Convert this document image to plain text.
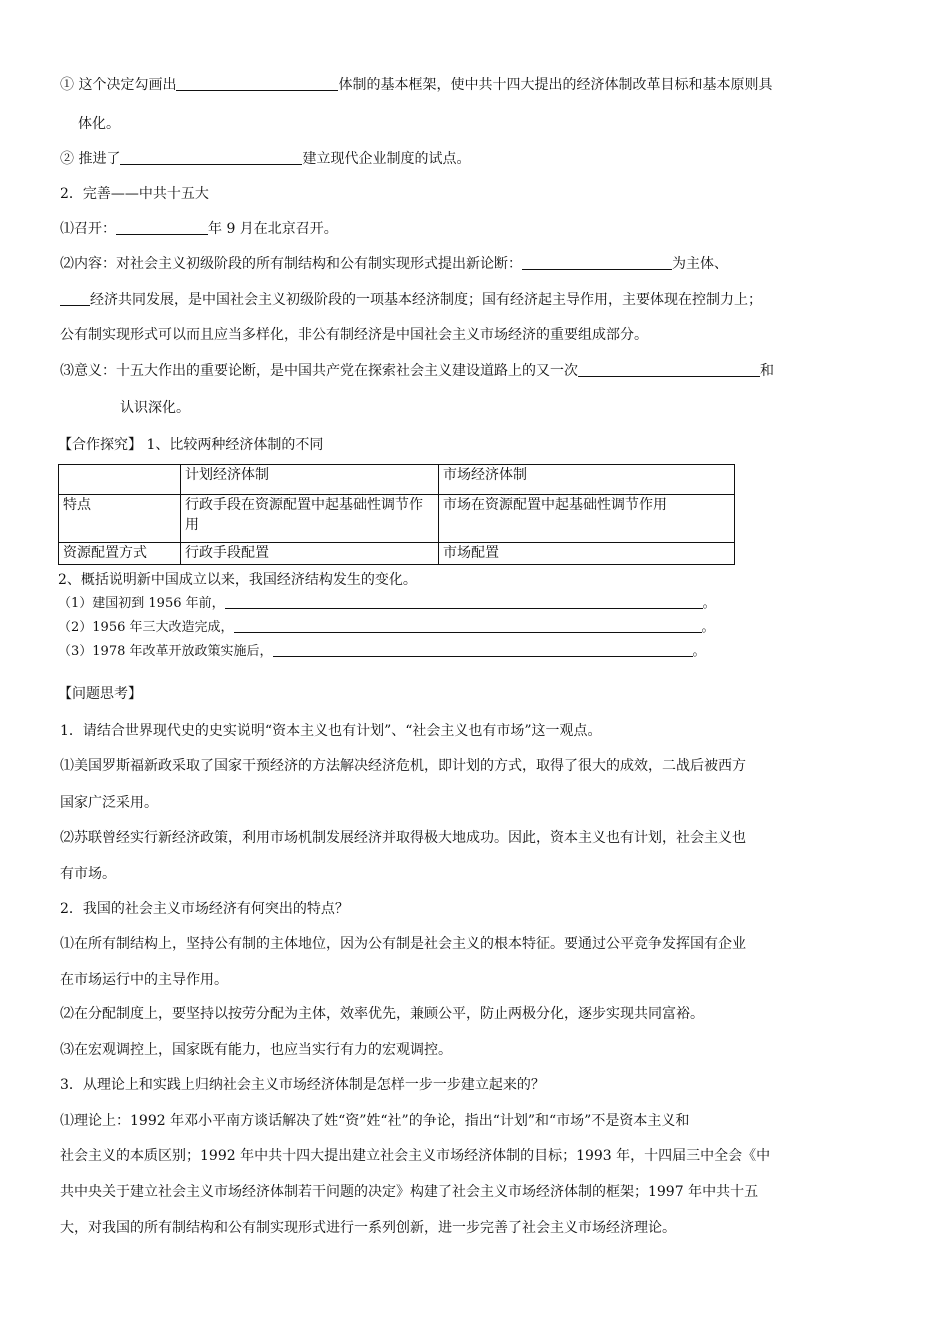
① 这个决定勾画出	体制的基本框架，使中共十四大提出的经济体制改革目标和基本原则具
体化。
② 推进了	建立现代企业制度的试点。
2．完善——中共十五大
⑴召开：	年 9 月在北京召开。
⑵内容：对社会主义初级阶段的所有制结构和公有制实现形式提出新论断：	为主体、
经济共同发展，是中国社会主义初级阶段的一项基本经济制度；国有经济起主导作用，主要体现在控制力上；
公有制实现形式可以而且应当多样化，非公有制经济是中国社会主义市场经济的重要组成部分。
⑶意义：十五大作出的重要论断，是中国共产党在探索社会主义建设道路上的又一次	和
认识深化。
【合作探究】 1、比较两种经济体制的不同
	计划经济体制	市场经济体制
特点	行政手段在资源配置中起基础性调节作用	市场在资源配置中起基础性调节作用
资源配置方式	行政手段配置	市场配置
2、概括说明新中国成立以来，我国经济结构发生的变化。
（1）建国初到 1956 年前，	。
（2）1956 年三大改造完成，	。
（3）1978 年改革开放政策实施后，	。
【问题思考】
1．请结合世界现代史的史实说明“资本主义也有计划”、“社会主义也有市场”这一观点。
⑴美国罗斯福新政采取了国家干预经济的方法解决经济危机，即计划的方式，取得了很大的成效，二战后被西方
国家广泛采用。
⑵苏联曾经实行新经济政策，利用市场机制发展经济并取得极大地成功。因此，资本主义也有计划，社会主义也
有市场。
2．我国的社会主义市场经济有何突出的特点？
⑴在所有制结构上，坚持公有制的主体地位，因为公有制是社会主义的根本特征。要通过公平竞争发挥国有企业
在市场运行中的主导作用。
⑵在分配制度上，要坚持以按劳分配为主体，效率优先，兼顾公平，防止两极分化，逐步实现共同富裕。
⑶在宏观调控上，国家既有能力，也应当实行有力的宏观调控。
3．从理论上和实践上归纳社会主义市场经济体制是怎样一步一步建立起来的？
⑴理论上：1992 年邓小平南方谈话解决了姓“资”姓“社”的争论，指出“计划”和“市场”不是资本主义和
社会主义的本质区别；1992 年中共十四大提出建立社会主义市场经济体制的目标；1993 年，十四届三中全会《中
共中央关于建立社会主义市场经济体制若干问题的决定》构建了社会主义市场经济体制的框架；1997 年中共十五
大，对我国的所有制结构和公有制实现形式进行一系列创新，进一步完善了社会主义市场经济理论。
